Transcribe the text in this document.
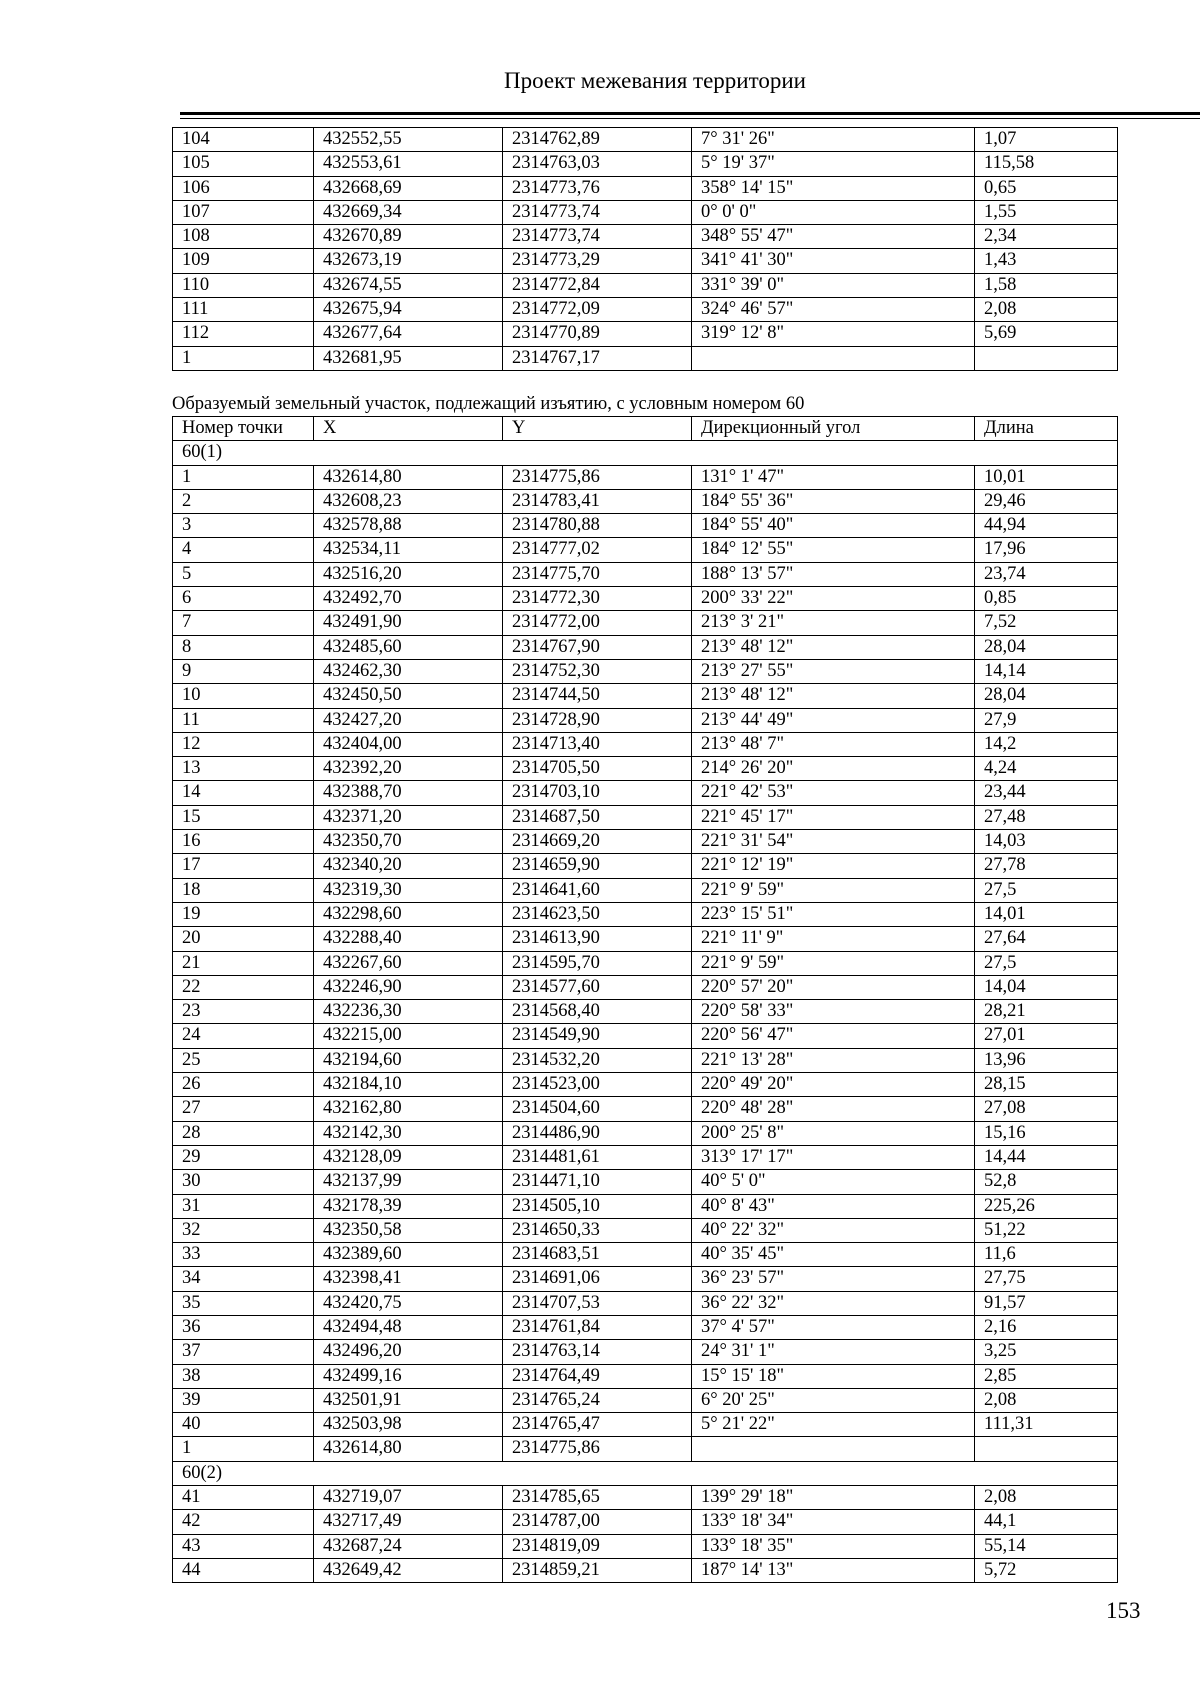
Проект межевания территории
104	432552,55	2314762,89	7° 31' 26"	1,07
105	432553,61	2314763,03	5° 19' 37"	115,58
106	432668,69	2314773,76	358° 14' 15"	0,65
107	432669,34	2314773,74	0° 0' 0"	1,55
108	432670,89	2314773,74	348° 55' 47"	2,34
109	432673,19	2314773,29	341° 41' 30"	1,43
110	432674,55	2314772,84	331° 39' 0"	1,58
111	432675,94	2314772,09	324° 46' 57"	2,08
112	432677,64	2314770,89	319° 12' 8"	5,69
1	432681,95	2314767,17		
Образуемый земельный участок, подлежащий изъятию, с условным номером 60
Номер точки	X	Y	Дирекционный угол	Длина
60(1)				
1	432614,80	2314775,86	131° 1' 47"	10,01
2	432608,23	2314783,41	184° 55' 36"	29,46
3	432578,88	2314780,88	184° 55' 40"	44,94
4	432534,11	2314777,02	184° 12' 55"	17,96
5	432516,20	2314775,70	188° 13' 57"	23,74
6	432492,70	2314772,30	200° 33' 22"	0,85
7	432491,90	2314772,00	213° 3' 21"	7,52
8	432485,60	2314767,90	213° 48' 12"	28,04
9	432462,30	2314752,30	213° 27' 55"	14,14
10	432450,50	2314744,50	213° 48' 12"	28,04
11	432427,20	2314728,90	213° 44' 49"	27,9
12	432404,00	2314713,40	213° 48' 7"	14,2
13	432392,20	2314705,50	214° 26' 20"	4,24
14	432388,70	2314703,10	221° 42' 53"	23,44
15	432371,20	2314687,50	221° 45' 17"	27,48
16	432350,70	2314669,20	221° 31' 54"	14,03
17	432340,20	2314659,90	221° 12' 19"	27,78
18	432319,30	2314641,60	221° 9' 59"	27,5
19	432298,60	2314623,50	223° 15' 51"	14,01
20	432288,40	2314613,90	221° 11' 9"	27,64
21	432267,60	2314595,70	221° 9' 59"	27,5
22	432246,90	2314577,60	220° 57' 20"	14,04
23	432236,30	2314568,40	220° 58' 33"	28,21
24	432215,00	2314549,90	220° 56' 47"	27,01
25	432194,60	2314532,20	221° 13' 28"	13,96
26	432184,10	2314523,00	220° 49' 20"	28,15
27	432162,80	2314504,60	220° 48' 28"	27,08
28	432142,30	2314486,90	200° 25' 8"	15,16
29	432128,09	2314481,61	313° 17' 17"	14,44
30	432137,99	2314471,10	40° 5' 0"	52,8
31	432178,39	2314505,10	40° 8' 43"	225,26
32	432350,58	2314650,33	40° 22' 32"	51,22
33	432389,60	2314683,51	40° 35' 45"	11,6
34	432398,41	2314691,06	36° 23' 57"	27,75
35	432420,75	2314707,53	36° 22' 32"	91,57
36	432494,48	2314761,84	37° 4' 57"	2,16
37	432496,20	2314763,14	24° 31' 1"	3,25
38	432499,16	2314764,49	15° 15' 18"	2,85
39	432501,91	2314765,24	6° 20' 25"	2,08
40	432503,98	2314765,47	5° 21' 22"	111,31
1	432614,80	2314775,86		
60(2)				
41	432719,07	2314785,65	139° 29' 18"	2,08
42	432717,49	2314787,00	133° 18' 34"	44,1
43	432687,24	2314819,09	133° 18' 35"	55,14
44	432649,42	2314859,21	187° 14' 13"	5,72
153
